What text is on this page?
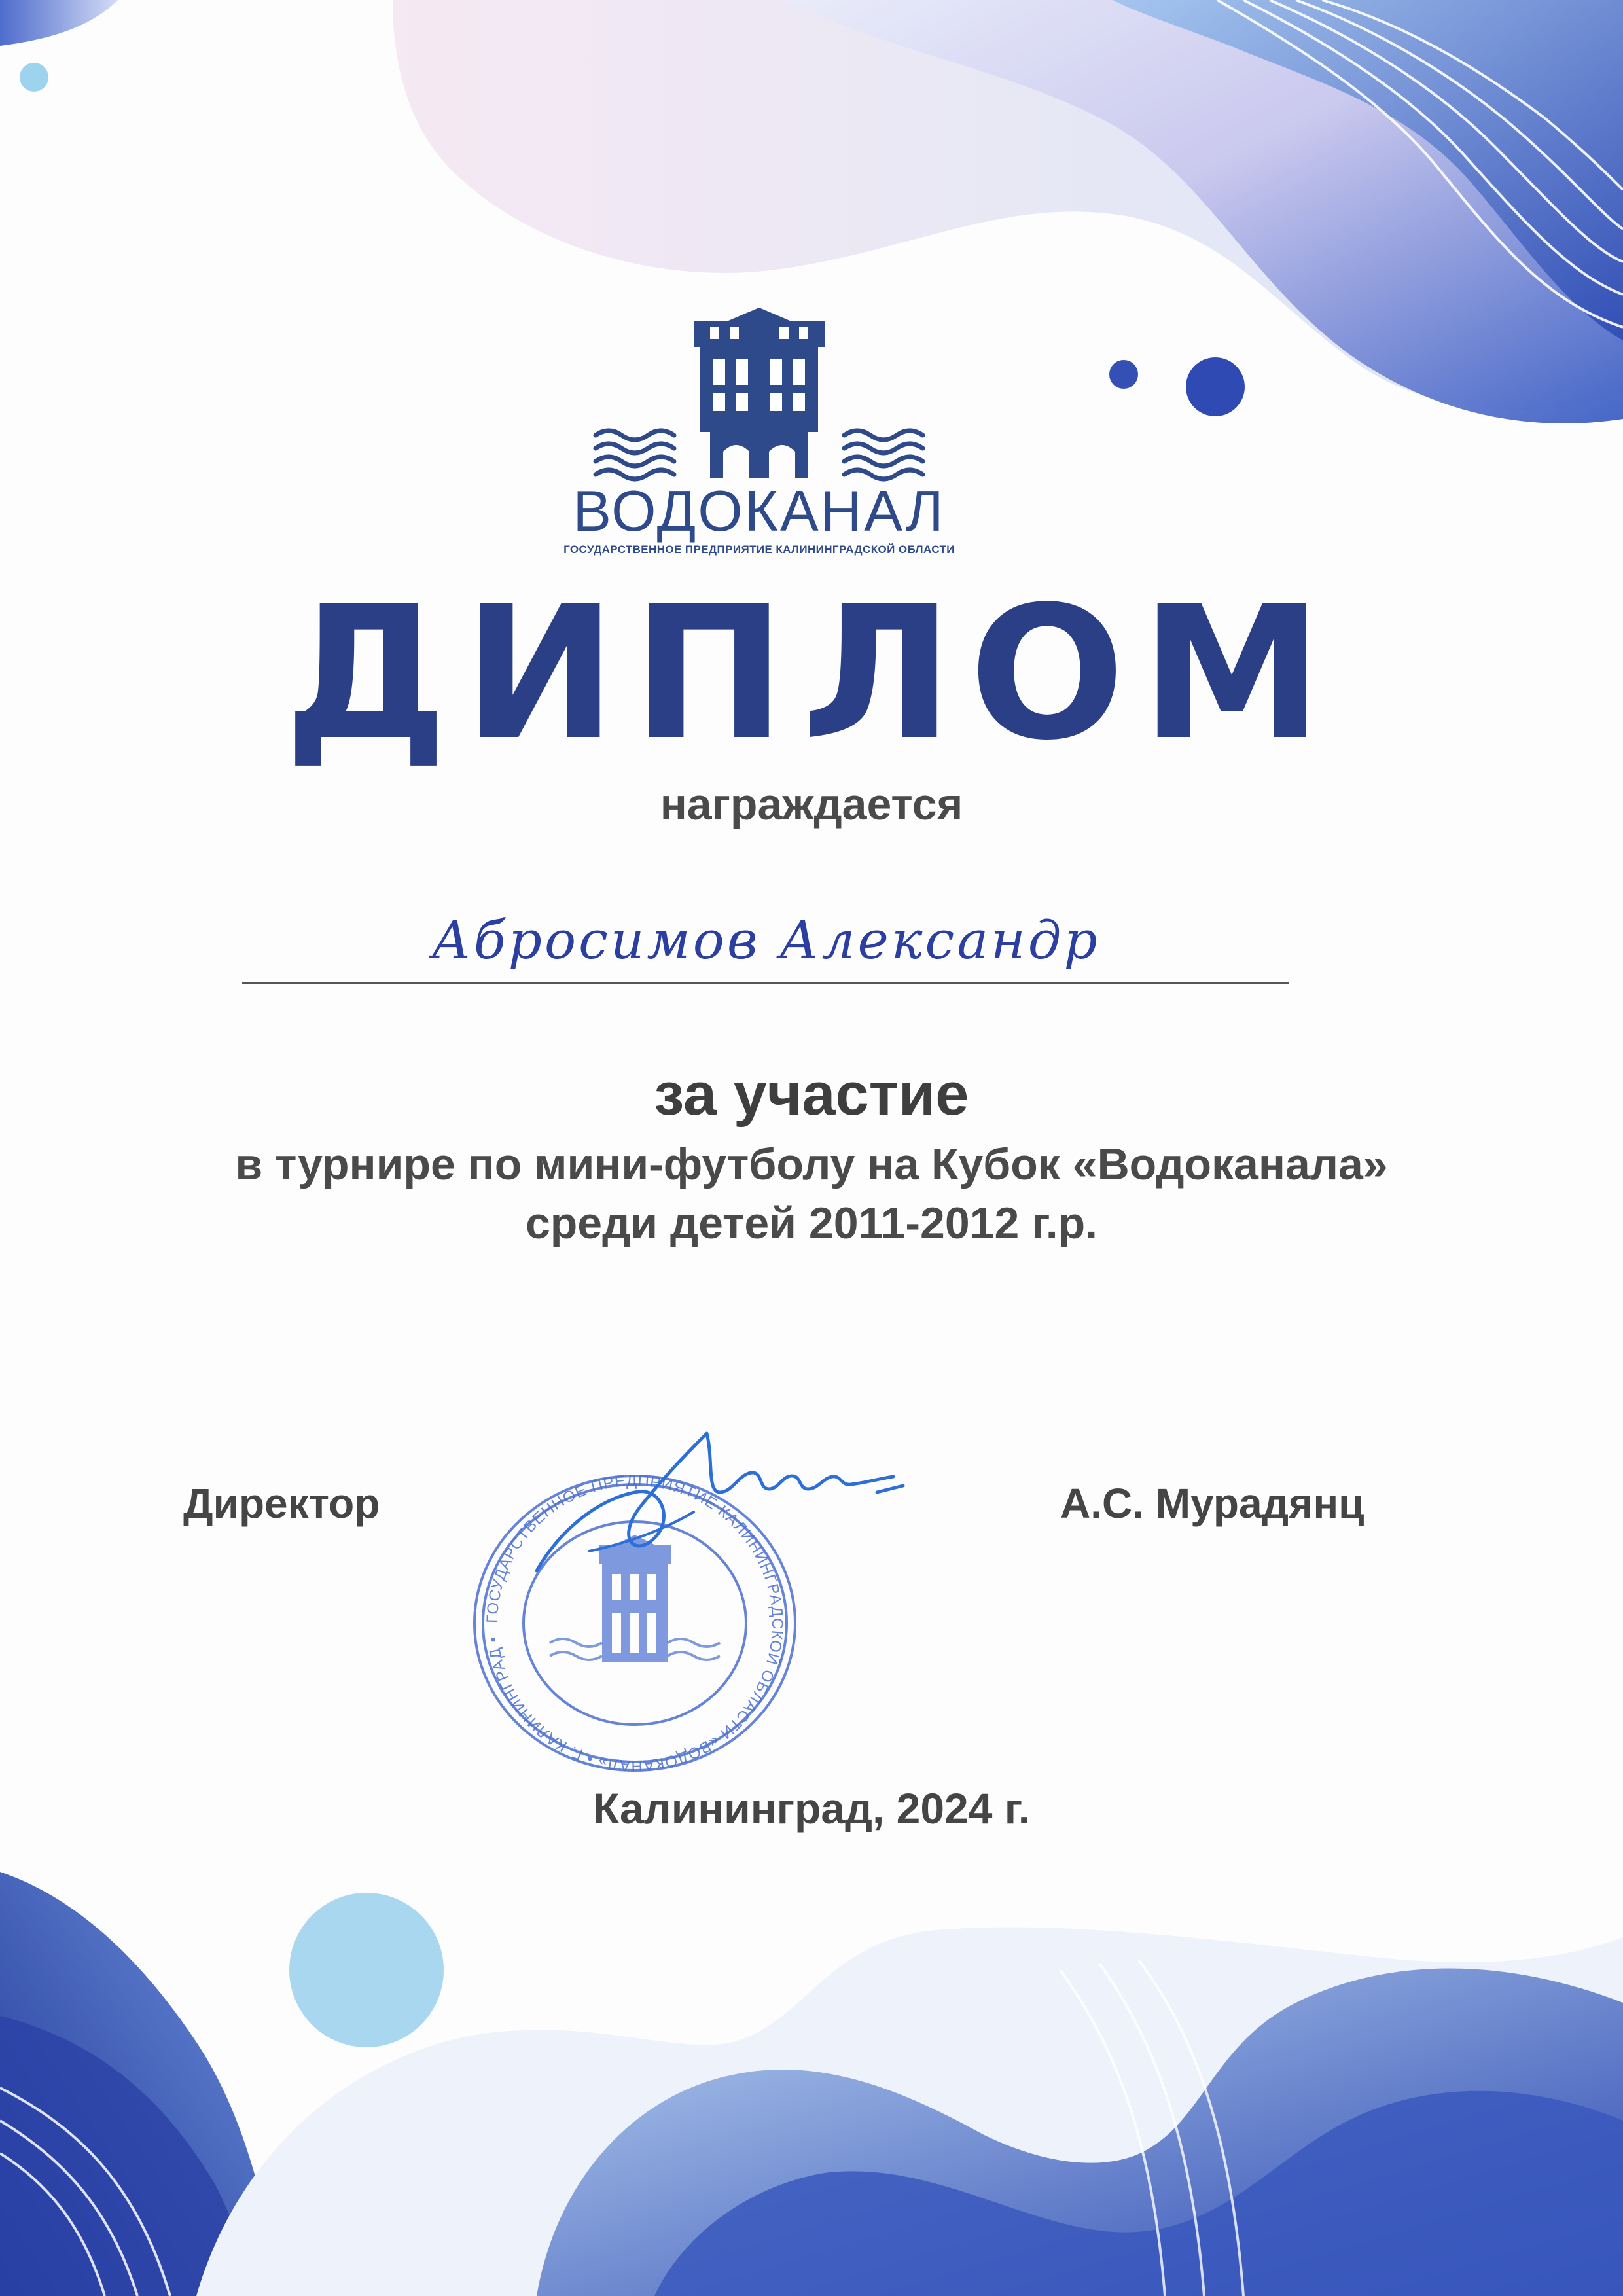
ВОДОКАНАЛ
ГОСУДАРСТВЕННОЕ ПРЕДПРИЯТИЕ КАЛИНИНГРАДСКОЙ ОБЛАСТИ
ДИПЛОМ
награждается
Абросимов Александр
за участие
в турнире по мини-футболу на Кубок «Водоканала»
среди детей 2011-2012 г.р.
ГОСУДАРСТВЕННОЕ ПРЕДПРИЯТИЕ КАЛИНИНГРАДСКОЙ ОБЛАСТИ «ВОДОКАНАЛ» • Г. КАЛИНИНГРАД •
Директор	А.С. Мурадянц
Калининград, 2024 г.
